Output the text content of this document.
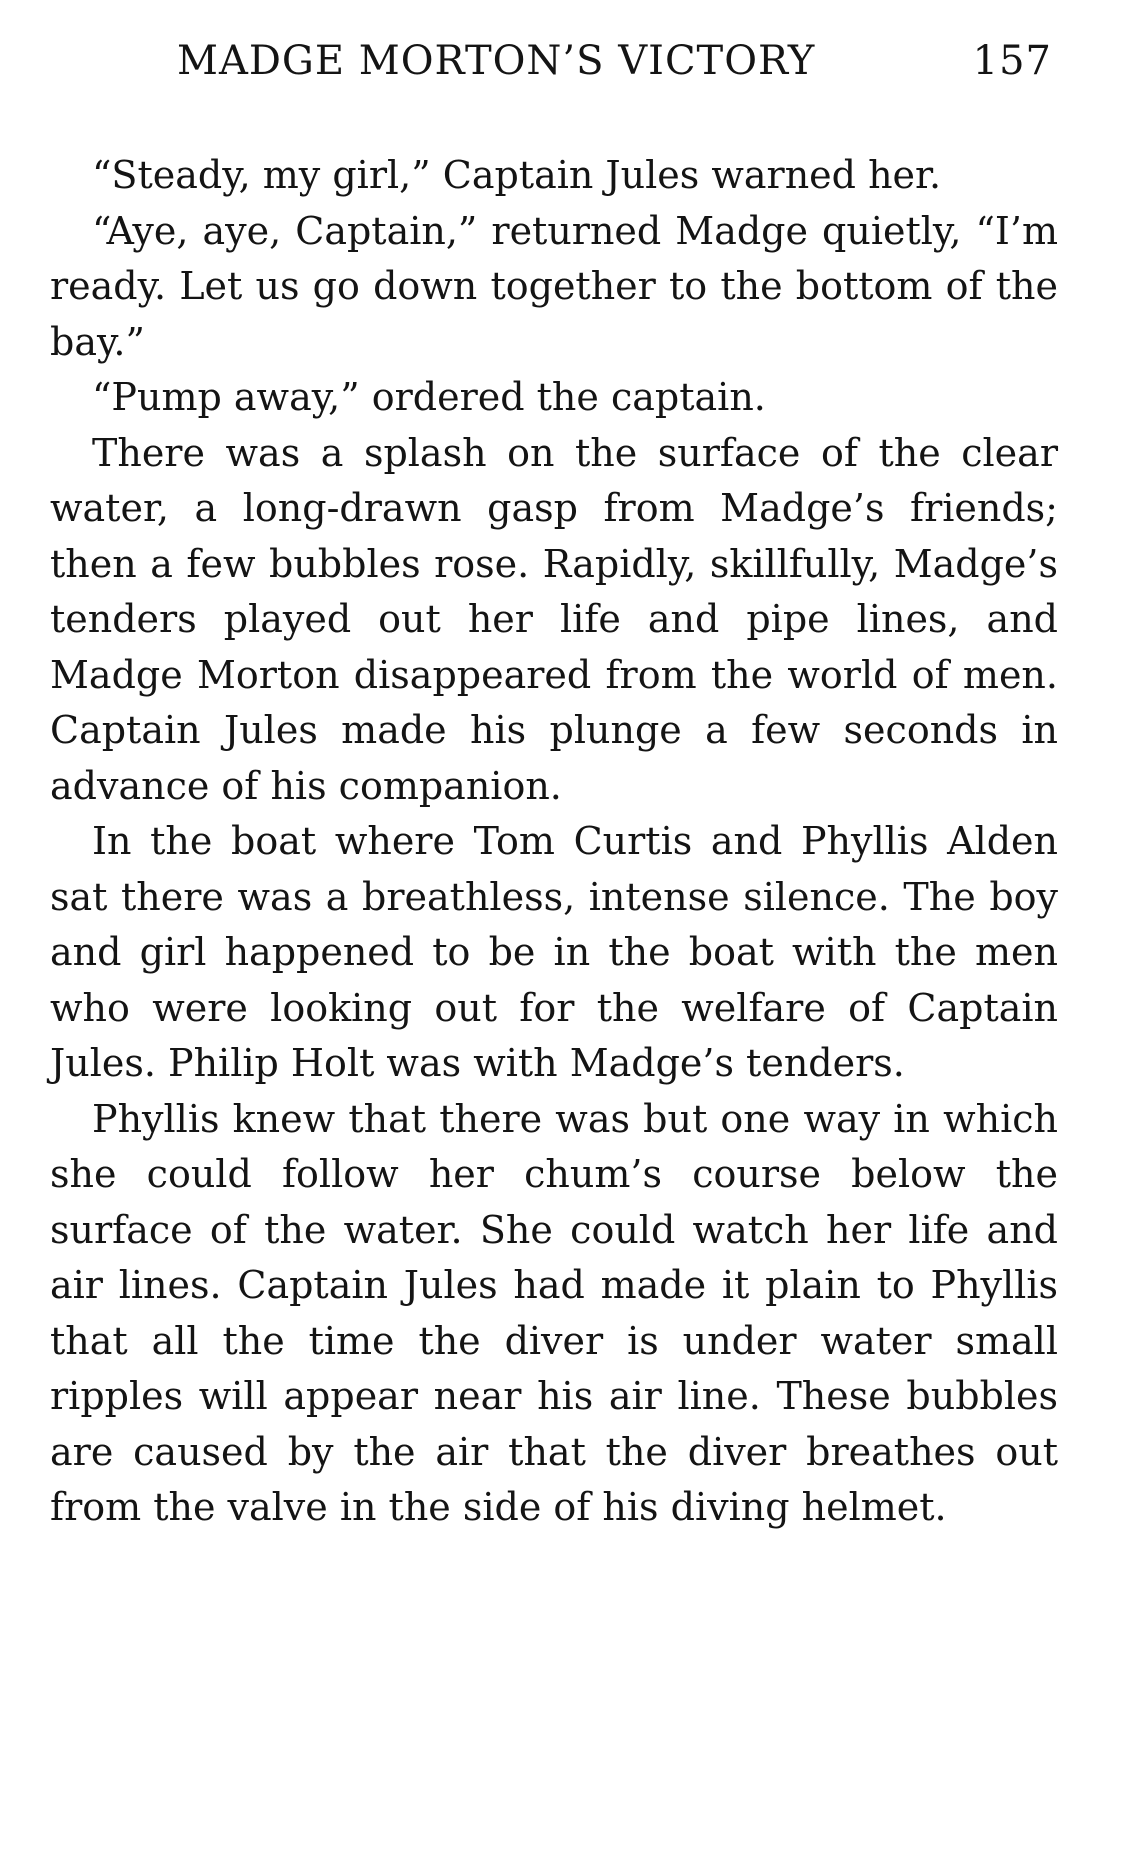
MADGE MORTON’S VICTORY	157

“Steady, my girl,” Captain Jules warned her.

“Aye, aye, Captain,” returned Madge quietly, “I’m ready. Let us go down together to the bottom of the bay.”

“Pump away,” ordered the captain.

There was a splash on the surface of the clear water, a long-drawn gasp from Madge’s friends; then a few bubbles rose. Rapidly, skillfully, Madge’s tenders played out her life and pipe lines, and Madge Morton disappeared from the world of men. Captain Jules made his plunge a few seconds in advance of his companion.

In the boat where Tom Curtis and Phyllis Alden sat there was a breathless, intense silence. The boy and girl happened to be in the boat with the men who were looking out for the welfare of Captain Jules. Philip Holt was with Madge’s tenders.

Phyllis knew that there was but one way in which she could follow her chum’s course below the surface of the water. She could watch her life and air lines. Captain Jules had made it plain to Phyllis that all the time the diver is under water small ripples will appear near his air line. These bubbles are caused by the air that the diver breathes out from the valve in the side of his diving helmet.
